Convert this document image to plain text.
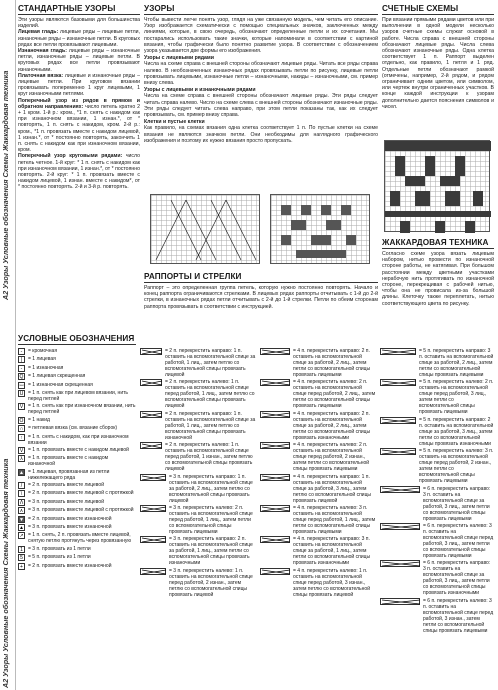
А2 Узоры Условные обозначения Схемы Жаккардовая техника
А2 Узоры Условные обозначения Схемы Жаккардовая техника
СТАНДАРТНЫЕ УЗОРЫ

Эти узоры являются базовыми для большинства изделий.

Лицевая гладь: лицевые ряды – лицевые петли, изнаночные ряды – изнаночные петли. В круговых рядах все петли провязывают лицевыми.

Изнаночная гладь: лицевые ряды – изнаночные петли, изнаночные ряды – лицевые петли. В круговых рядах все петли провязывают изнаночными.

Платочная вязка: лицевые и изнаночные ряды – лицевые петли. При круговом вязании провязывать попеременно 1 круг лицевыми, 1 круг изнаночными петлями.

Поперечный узор из рядов в прямом и обратном направлениях: число петель кратно 2 + 1 кром. 1-й р.: кром., *1 п. снять с накидом как при изнаночном вязании, 1 изнан.*, от * повторять, 1 п. снять с накидом, кром. 2-й р.: кром., *1 п. провязать вместе с накидом лицевой, 1 изнан.*, от * постоянно повторять, закончить 1 п. снять с накидом как при изнаночном вязании, кром.

Поперечный узор круговыми рядами: число петель четное. 1-й круг: * 1 п. снять с накидом как при изнаночном вязании, 1 изнан.*, от * постоянно повторять. 2-й круг: * 1 п. провязать вместе с накидом лицевой, 1 изнан. вместе с накидом*, от * постоянно повторять. 2-й и 3-й р. повторять.

УЗОРЫ

Чтобы вывести легче понять узор, глядя на уже связанную модель, чем читать его описание. Узор изображается схематически с помощью специальных значков, заключенных между линиями, которые, в свою очередь, обозначают определенные петли и их сочетания. Мы постарались использовать такие значки, которые напоминали в соответствии с картиной вязания, чтобы графически было понятно развитие узора. В соответствии с обозначением узора указывается две формы его изображения.

Узоры с лицевыми рядами

Числа на схеме справа с внешней стороны обозначают лицевые ряды. Читать все ряды справа налево. В необозначенных изнаночных рядах провязывать петли по рисунку, лицевые петли провязывать лицевыми, изнаночные петли – изнаночными, накиды – изнаночными, см. пример внизу слева.

Узоры с лицевыми и изнаночными рядами

Числа на схеме справа с внешней стороны обозначают лицевые ряды. Эти ряды следует читать справа налево. Число на схеме слева с внешней стороны обозначают изнаночные ряды. Эти ряды следует читать слева направо, при этом петли показаны так, как их следует провязывать, см. пример внизу справа.

Клетки и пустые клетки

Как правило, на схемах вязания одна клетка соответствует 1 п. По пустые клетки на схеме вязания не являются значком петли. Они необходимы для наглядного графического изображения и поэтому их нужно вязания просто пропускать.

РАППОРТЫ И СТРЕЛКИ

Раппорт – это определенная группа петель, которую нужно постоянно повторять. Начало и конец раппорта ограничиваются стрелками. В лицевых рядах раппорты отчитывать с 1-й до 2-й стрелки, в изнаночных рядах петли отчитывать с 2-й до 1-й стрелки. Петли по обеим сторонам раппорта провязывать в соответствии с инструкцией.

СЧЕТНЫЕ СХЕМЫ

При вязании прямыми рядами цветов или при выполнении в одной модели несколько узоров счетные схемы служат основой в работе. Числа справа с внешней стороны обозначают лицевые ряды. Числа слева обозначают изнаночные ряды. Одна клетка соответствует 1 п. Раппорт выделен отдельно, как правило, 1 петля и 1 ряд. Отдельные петли обозначают рамкой (отмечены, например, 2-й рядом, и рядом ограничивает одним цветом, или символом, или чертеж внутри ограниченных участков. В конце каждой инструкции к узорам дополнительно дается пояснения символов и чисел.

ЖАККАРДОВАЯ ТЕХНИКА

Согласно схеме узора вязать лицевым набором, нитью провести по изнаночной стороне работы, не натягивая. При большом расстоянии между цветными участками нерабочую нить протягивать по изнаночной стороне, перекрещивая с рабочей нитью, чтобы она не провисала из-за большой длины. Клеточку также переплетать, нитью соответствующего цвета по рисунку.

УСЛОВНЫЕ ОБОЗНАЧЕНИЯ
-	= кромочная
|	= 1 лицевая
-	= 1 изнаночная
Q = 1 лицевая скрещенная
ꟷ = 1 изнаночная скрещенная
U = 1 п. снять как при лицевом вязании, нить перед петлей
V = 1 п. снять как при изнаночном вязании, нить перед петлей
O = 1 накид
∩ = петлевая вязка (см. вязание сборок)
↑	= 1 п. снять с накидом, как при изнаночном вязании
V = 1 п. провязать вместе с накидом лицевой
λ	= 1 п. провязать вместе с накидом изнаночной
▲ = 1 лицевая, провязанная из петли нижележащего ряда
/	= 2 п. провязать вместе лицевой
\	= 2 п. провязать вместе лицевой с протяжкой
Λ = 3 п. провязать вместе лицевой
∧ = 3 п. провязать вместе лицевой с протяжкой
▼ = 2 п. провязать вместе изнаночной
▲ = 3 п. провязать вместе изнаночной
↗ = 1 п. снять, 2 п. провязать вместе лицевой, снятую петлю протянуть через провязанную
1	= 3 п. провязать из 1 петли
5	= 5 п. провязать из 1 петли
+	= 2 п. провязать вместе изнаночной
= 2 п. перекрестить направо: 1 п. оставить на вспомогательной спице за работой, 1 лиц., затем петлю со вспомогательной спицы провязать лицевой
= 2 п. перекрестить налево: 1 п. оставить на вспомогательной спице перед работой, 1 лиц., затем петлю со вспомогательной спицы провязать лицевой
= 2 п. перекрестить направо: 1 п. оставить на вспомогательной спице за работой, 1 лиц., затем петлю со вспомогательной спицы провязать изнаночной
= 2 п. перекрестить налево: 1 п. оставить на вспомогательной спице перед работой, 1 изнан., затем петлю со вспомогательной спицы провязать лицевой
= 3 п. перекрестить направо: 1 п. оставить на вспомогательной спице за работой, 2 лиц., затем петлю со вспомогательной спицы провязать лицевой
= 3 п. перекрестить налево: 2 п. оставить на вспомогательной спице перед работой, 1 лиц., затем петли со вспомогательной спицы провязать лицевыми
= 3 п. перекрестить направо: 2 п. оставить на вспомогательной спице за работой, 1 лиц., затем петли со вспомогательной спицы провязать изнаночными
= 3 п. перекрестить налево: 1 п. оставить на вспомогательной спице перед работой, 2 изнан., затем петлю со вспомогательной спицы провязать лицевой
= 4 п. перекрестить направо: 2 п. оставить на вспомогательной спице за работой, 2 лиц., затем петли со вспомогательной спицы провязать лицевыми
= 4 п. перекрестить налево: 2 п. оставить на вспомогательной спице перед работой, 2 лиц., затем петли со вспомогательной спицы провязать лицевыми
= 4 п. перекрестить направо: 2 п. оставить на вспомогательной спице за работой, 2 лиц., затем петли со вспомогательной спицы провязать изнаночными
= 4 п. перекрестить налево: 2 п. оставить на вспомогательной спице перед работой, 2 изнан., затем петли со вспомогательной спицы провязать лицевыми
= 4 п. перекрестить направо: 1 п. оставить на вспомогательной спице за работой, 3 лиц., затем петлю со вспомогательной спицы провязать лицевой
= 4 п. перекрестить налево: 3 п. оставить на вспомогательной спице перед работой, 1 лиц., затем петли со вспомогательной спицы провязать лицевыми
= 4 п. перекрестить направо: 3 п. оставить на вспомогательной спице за работой, 1 лиц., затем петли со вспомогательной спицы провязать изнаночными
= 4 п. перекрестить налево: 1 п. оставить на вспомогательной спице перед работой, 3 изнан., затем петлю со вспомогательной спицы провязать лицевой
= 5 п. перекрестить направо: 3 п. оставить на вспомогательной спице за работой, 2 лиц., затем петли со вспомогательной спицы провязать лицевыми
= 5 п. перекрестить налево: 2 п. оставить на вспомогательной спице перед работой, 3 лиц., затем петли со вспомогательной спицы провязать лицевыми
= 5 п. перекрестить направо: 2 п. оставить на вспомогательной спице за работой, 3 лиц., затем петли со вспомогательной спицы провязать изнаночными
= 5 п. перекрестить налево: 3 п. оставить на вспомогательной спице перед работой, 2 изнан., затем петли со вспомогательной спицы провязать лицевыми
= 6 п. перекрестить направо: 3 п. оставить на вспомогательной спице за работой, 3 лиц., затем петли со вспомогательной спицы провязать лицевыми
= 6 п. перекрестить налево: 3 п. оставить на вспомогательной спице перед работой, 3 лиц., затем петли со вспомогательной спицы провязать лицевыми
= 6 п. перекрестить направо: 3 п. оставить на вспомогательной спице за работой, 3 лиц., затем петли со вспомогательной спицы провязать изнаночными
= 6 п. перекрестить налево: 3 п. оставить на вспомогательной спице перед работой, 3 изнан., затем петли со вспомогательной спицы провязать лицевыми
